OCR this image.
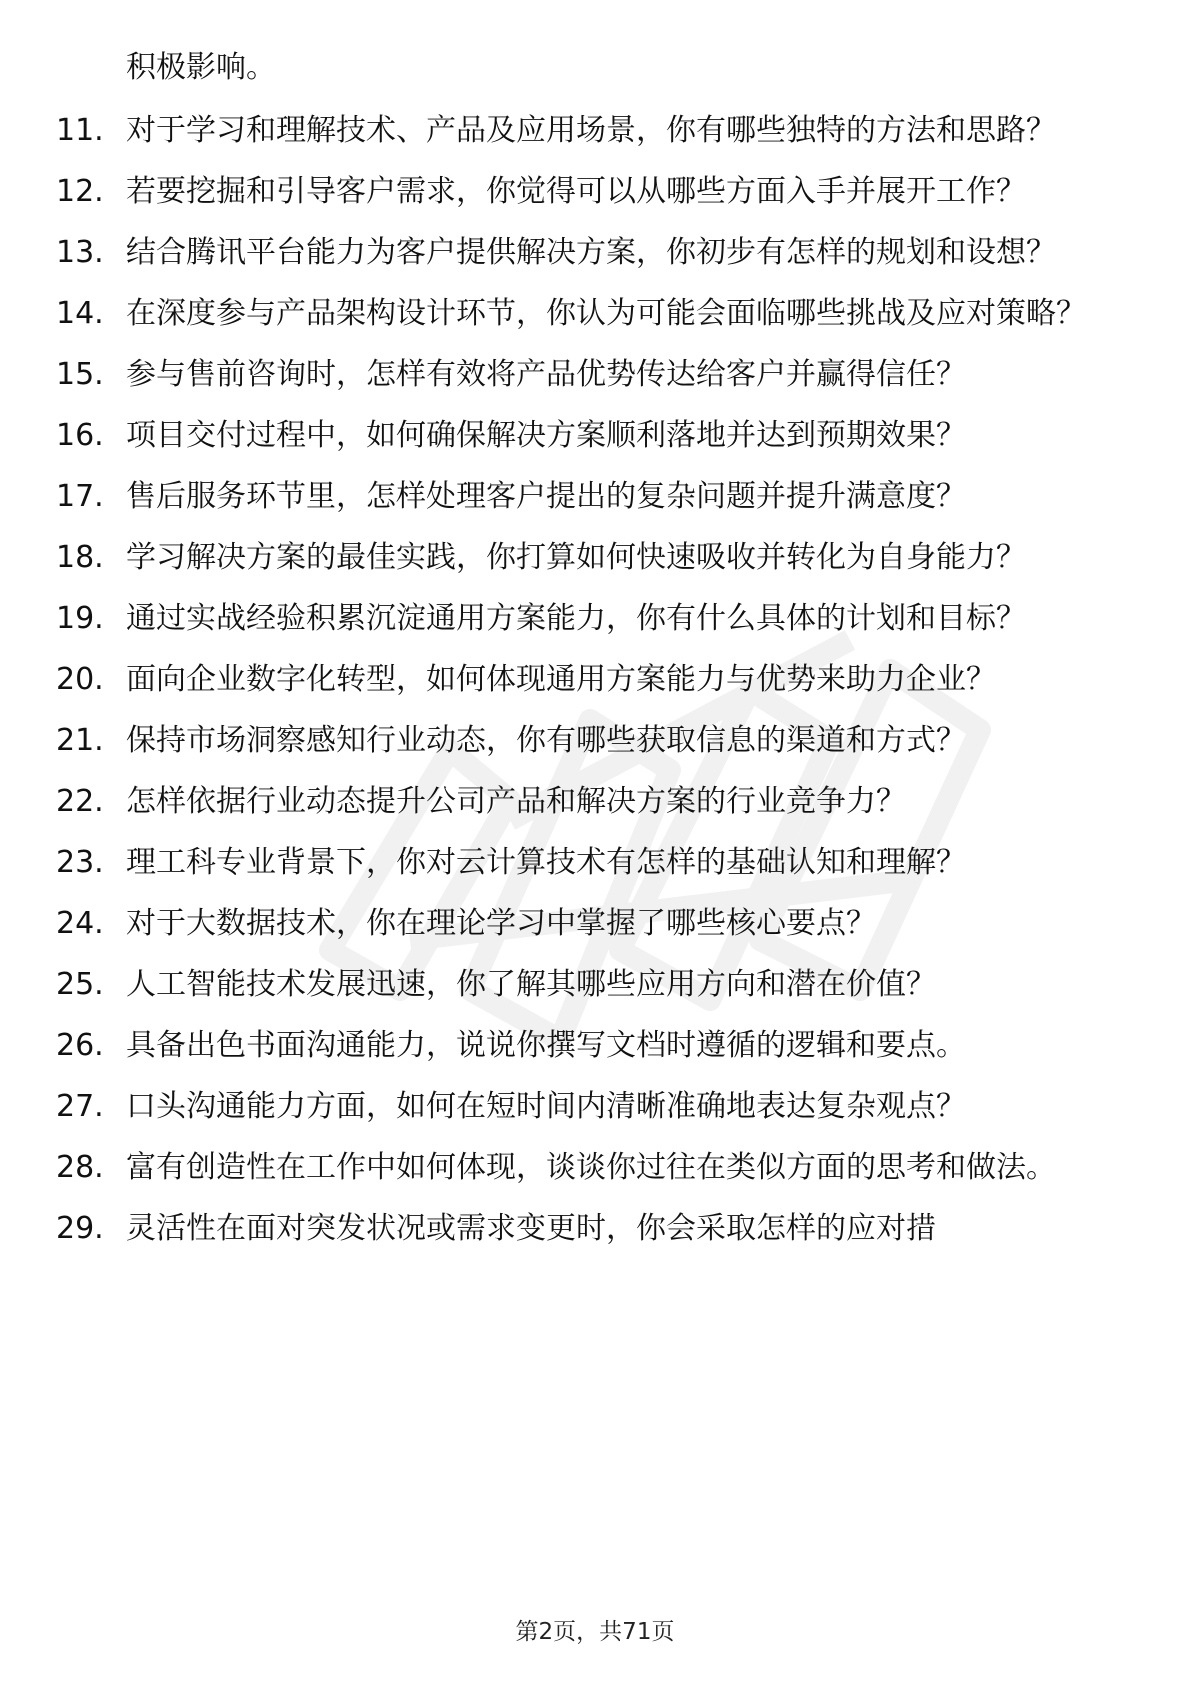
积极影响。
11. 对于学习和理解技术、产品及应用场景，你有哪些独特的方法和思路？
12. 若要挖掘和引导客户需求，你觉得可以从哪些方面入手并展开工作？
13. 结合腾讯平台能力为客户提供解决方案，你初步有怎样的规划和设想？
14. 在深度参与产品架构设计环节，你认为可能会面临哪些挑战及应对策略？
15. 参与售前咨询时，怎样有效将产品优势传达给客户并赢得信任？
16. 项目交付过程中，如何确保解决方案顺利落地并达到预期效果？
17. 售后服务环节里，怎样处理客户提出的复杂问题并提升满意度？
18. 学习解决方案的最佳实践，你打算如何快速吸收并转化为自身能力？
19. 通过实战经验积累沉淀通用方案能力，你有什么具体的计划和目标？
20. 面向企业数字化转型，如何体现通用方案能力与优势来助力企业？
21. 保持市场洞察感知行业动态，你有哪些获取信息的渠道和方式？
22. 怎样依据行业动态提升公司产品和解决方案的行业竞争力？
23. 理工科专业背景下，你对云计算技术有怎样的基础认知和理解？
24. 对于大数据技术，你在理论学习中掌握了哪些核心要点？
25. 人工智能技术发展迅速，你了解其哪些应用方向和潜在价值？
26. 具备出色书面沟通能力，说说你撰写文档时遵循的逻辑和要点。
27. 口头沟通能力方面，如何在短时间内清晰准确地表达复杂观点？
28. 富有创造性在工作中如何体现，谈谈你过往在类似方面的思考和做法。
29. 灵活性在面对突发状况或需求变更时，你会采取怎样的应对措
第2页，共71页
